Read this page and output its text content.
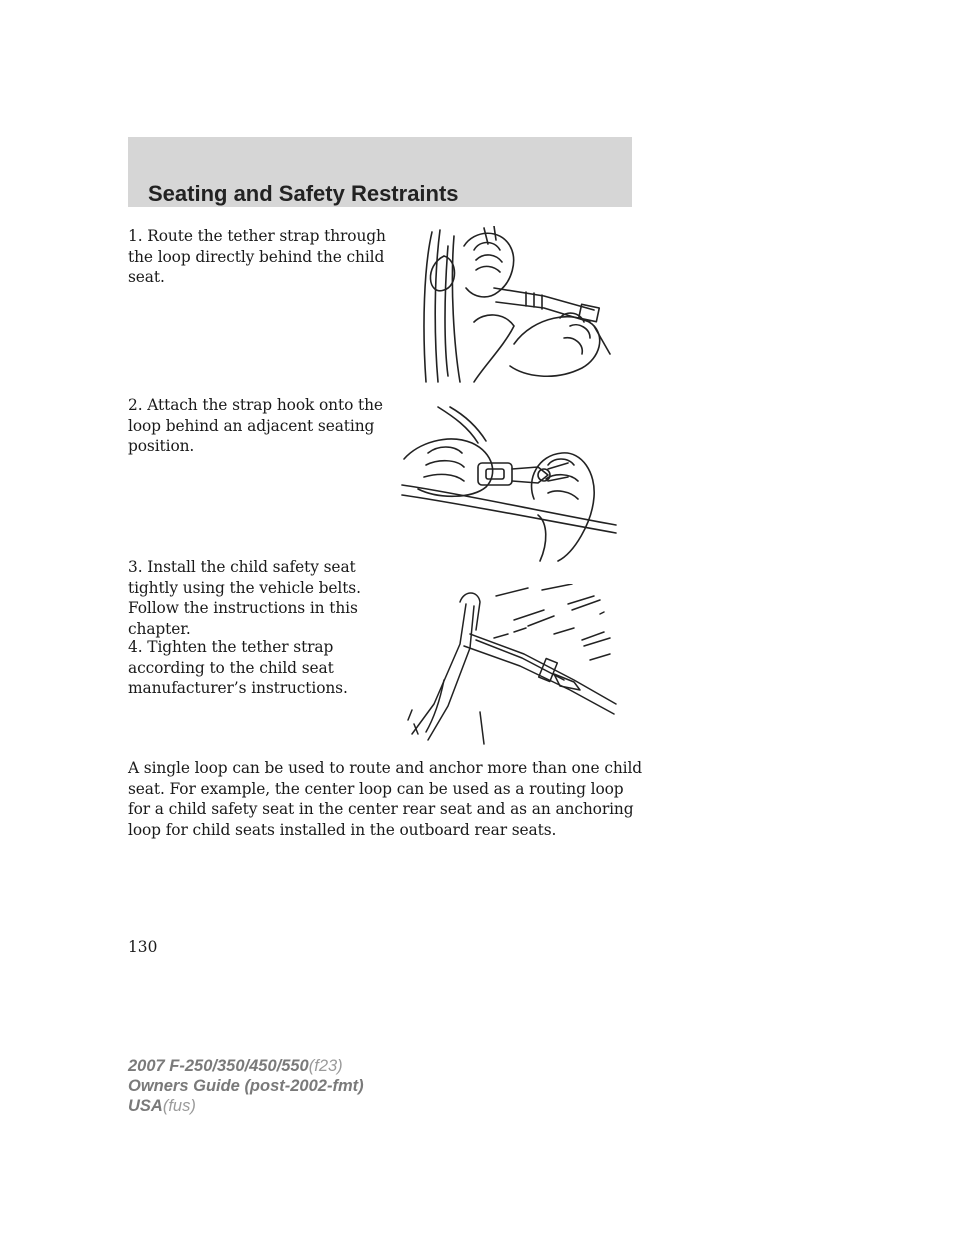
Seating and Safety Restraints

1. Route the tether strap through the loop directly behind the child seat.

2. Attach the strap hook onto the loop behind an adjacent seating position.

3. Install the child safety seat tightly using the vehicle belts. Follow the instructions in this chapter.

4. Tighten the tether strap according to the child seat manufacturer’s instructions.

A single loop can be used to route and anchor more than one child seat. For example, the center loop can be used as a routing loop for a child safety seat in the center rear seat and as an anchoring loop for child seats installed in the outboard rear seats.

130

2007 F-250/350/450/550(f23)
Owners Guide (post-2002-fmt)
USA(fus)
